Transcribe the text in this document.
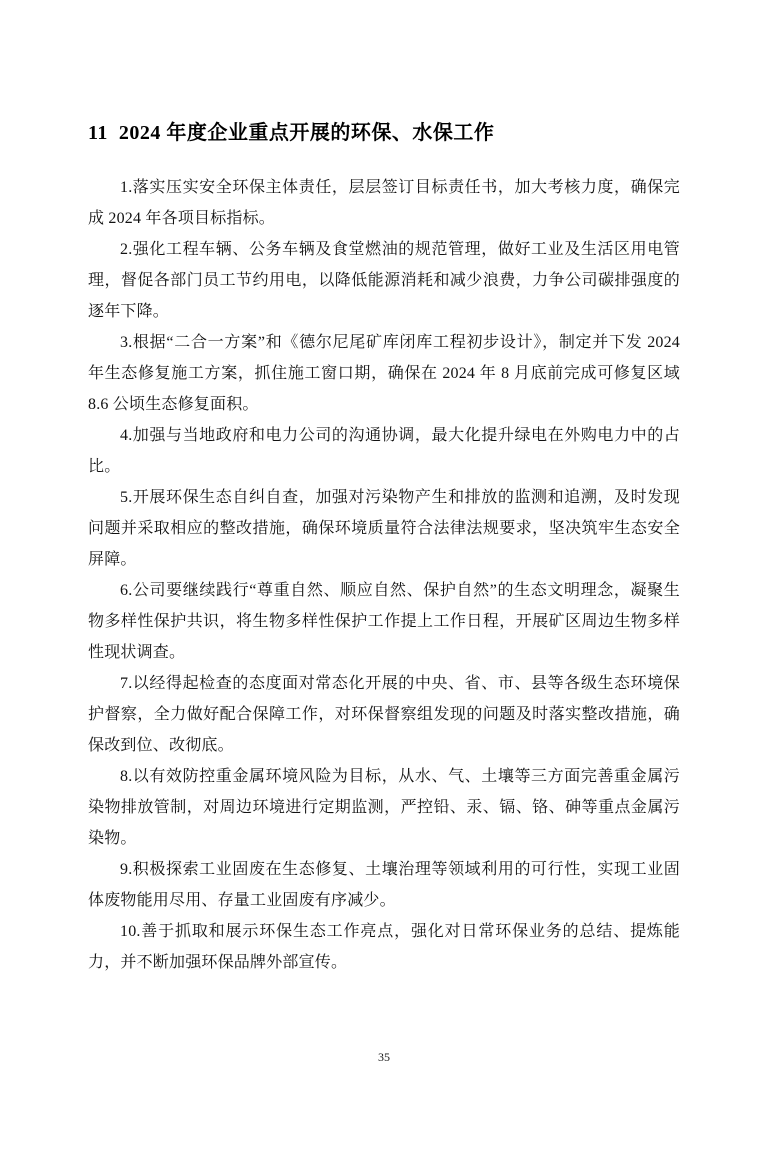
11  2024 年度企业重点开展的环保、水保工作

1.落实压实安全环保主体责任，层层签订目标责任书，加大考核力度，确保完成 2024 年各项目标指标。

2.强化工程车辆、公务车辆及食堂燃油的规范管理，做好工业及生活区用电管理，督促各部门员工节约用电，以降低能源消耗和减少浪费，力争公司碳排强度的逐年下降。

3.根据“二合一方案”和《德尔尼尾矿库闭库工程初步设计》，制定并下发 2024 年生态修复施工方案，抓住施工窗口期，确保在 2024 年 8 月底前完成可修复区域 8.6 公顷生态修复面积。

4.加强与当地政府和电力公司的沟通协调，最大化提升绿电在外购电力中的占比。

5.开展环保生态自纠自查，加强对污染物产生和排放的监测和追溯，及时发现问题并采取相应的整改措施，确保环境质量符合法律法规要求，坚决筑牢生态安全屏障。

6.公司要继续践行“尊重自然、顺应自然、保护自然”的生态文明理念，凝聚生物多样性保护共识，将生物多样性保护工作提上工作日程，开展矿区周边生物多样性现状调查。

7.以经得起检查的态度面对常态化开展的中央、省、市、县等各级生态环境保护督察，全力做好配合保障工作，对环保督察组发现的问题及时落实整改措施，确保改到位、改彻底。

8.以有效防控重金属环境风险为目标，从水、气、土壤等三方面完善重金属污染物排放管制，对周边环境进行定期监测，严控铅、汞、镉、铬、砷等重点金属污染物。

9.积极探索工业固废在生态修复、土壤治理等领域利用的可行性，实现工业固体废物能用尽用、存量工业固废有序减少。

10.善于抓取和展示环保生态工作亮点，强化对日常环保业务的总结、提炼能力，并不断加强环保品牌外部宣传。

35
